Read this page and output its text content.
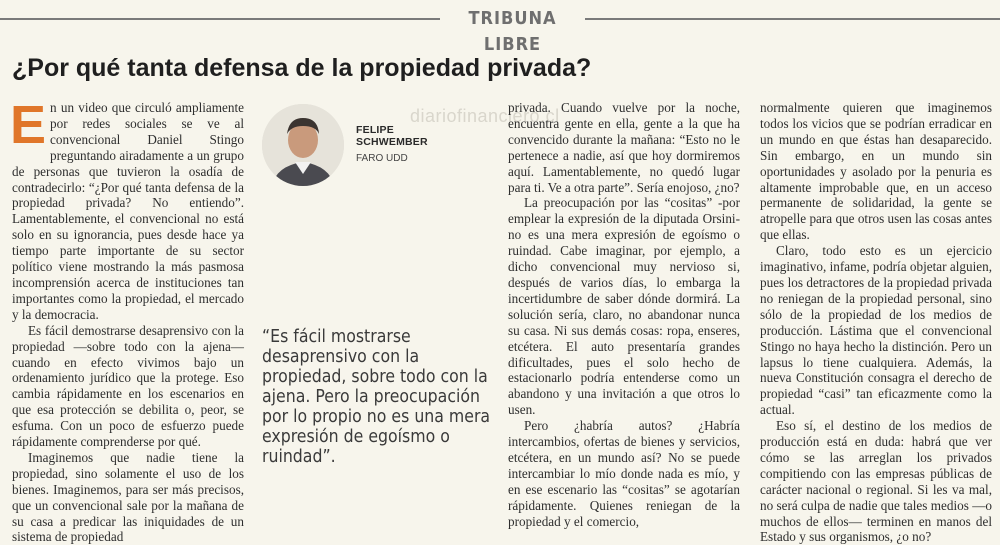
TRIBUNA LIBRE
¿Por qué tanta defensa de la propiedad privada?
diariofinanciero.cl

En un video que circuló ampliamente por redes sociales se ve al convencional Daniel Stingo preguntando airadamente a un grupo de personas que tuvieron la osadía de contradecirlo: “¿Por qué tanta defensa de la propiedad privada? No entiendo”. Lamentablemente, el convencional no está solo en su ignorancia, pues desde hace ya tiempo parte importante de su sector político viene mostrando la más pasmosa incomprensión acerca de instituciones tan importantes como la propiedad, el mercado y la democracia.

Es fácil demostrarse desaprensivo con la propiedad —sobre todo con la ajena— cuando en efecto vivimos bajo un ordenamiento jurídico que la protege. Eso cambia rápidamente en los escenarios en que esa protección se debilita o, peor, se esfuma. Con un poco de esfuerzo puede rápidamente comprenderse por qué.

Imaginemos que nadie tiene la propiedad, sino solamente el uso de los bienes. Imaginemos, para ser más precisos, que un convencional sale por la mañana de su casa a predicar las iniquidades de un sistema de propiedad

FELIPE
SCHWEMBER
FARO UDD
“Es fácil mostrarse desaprensivo con la propiedad, sobre todo con la ajena. Pero la preocupación por lo propio no es una mera expresión de egoísmo o ruindad”.

privada. Cuando vuelve por la noche, encuentra gente en ella, gente a la que ha convencido durante la mañana: “Esto no le pertenece a nadie, así que hoy dormiremos aquí. Lamentablemente, no quedó lugar para ti. Ve a otra parte”. Sería enojoso, ¿no?

La preocupación por las “cositas” -por emplear la expresión de la diputada Orsini- no es una mera expresión de egoísmo o ruindad. Cabe imaginar, por ejemplo, a dicho convencional muy nervioso si, después de varios días, lo embarga la incertidumbre de saber dónde dormirá. La solución sería, claro, no abandonar nunca su casa. Ni sus demás cosas: ropa, enseres, etcétera. El auto presentaría grandes dificultades, pues el solo hecho de estacionarlo podría entenderse como un abandono y una invitación a que otros lo usen.

Pero ¿habría autos? ¿Habría intercambios, ofertas de bienes y servicios, etcétera, en un mundo así? No se puede intercambiar lo mío donde nada es mío, y en ese escenario las “cositas” se agotarían rápidamente. Quienes reniegan de la propiedad y el comercio,

normalmente quieren que imaginemos todos los vicios que se podrían erradicar en un mundo en que éstas han desaparecido. Sin embargo, en un mundo sin oportunidades y asolado por la penuria es altamente improbable que, en un acceso permanente de solidaridad, la gente se atropelle para que otros usen las cosas antes que ellas.

Claro, todo esto es un ejercicio imaginativo, infame, podría objetar alguien, pues los detractores de la propiedad privada no reniegan de la propiedad personal, sino sólo de la propiedad de los medios de producción. Lástima que el convencional Stingo no haya hecho la distinción. Pero un lapsus lo tiene cualquiera. Además, la nueva Constitución consagra el derecho de propiedad “casi” tan eficazmente como la actual.

Eso sí, el destino de los medios de producción está en duda: habrá que ver cómo se las arreglan los privados compitiendo con las empresas públicas de carácter nacional o regional. Si les va mal, no será culpa de nadie que tales medios —o muchos de ellos— terminen en manos del Estado y sus organismos, ¿o no?
